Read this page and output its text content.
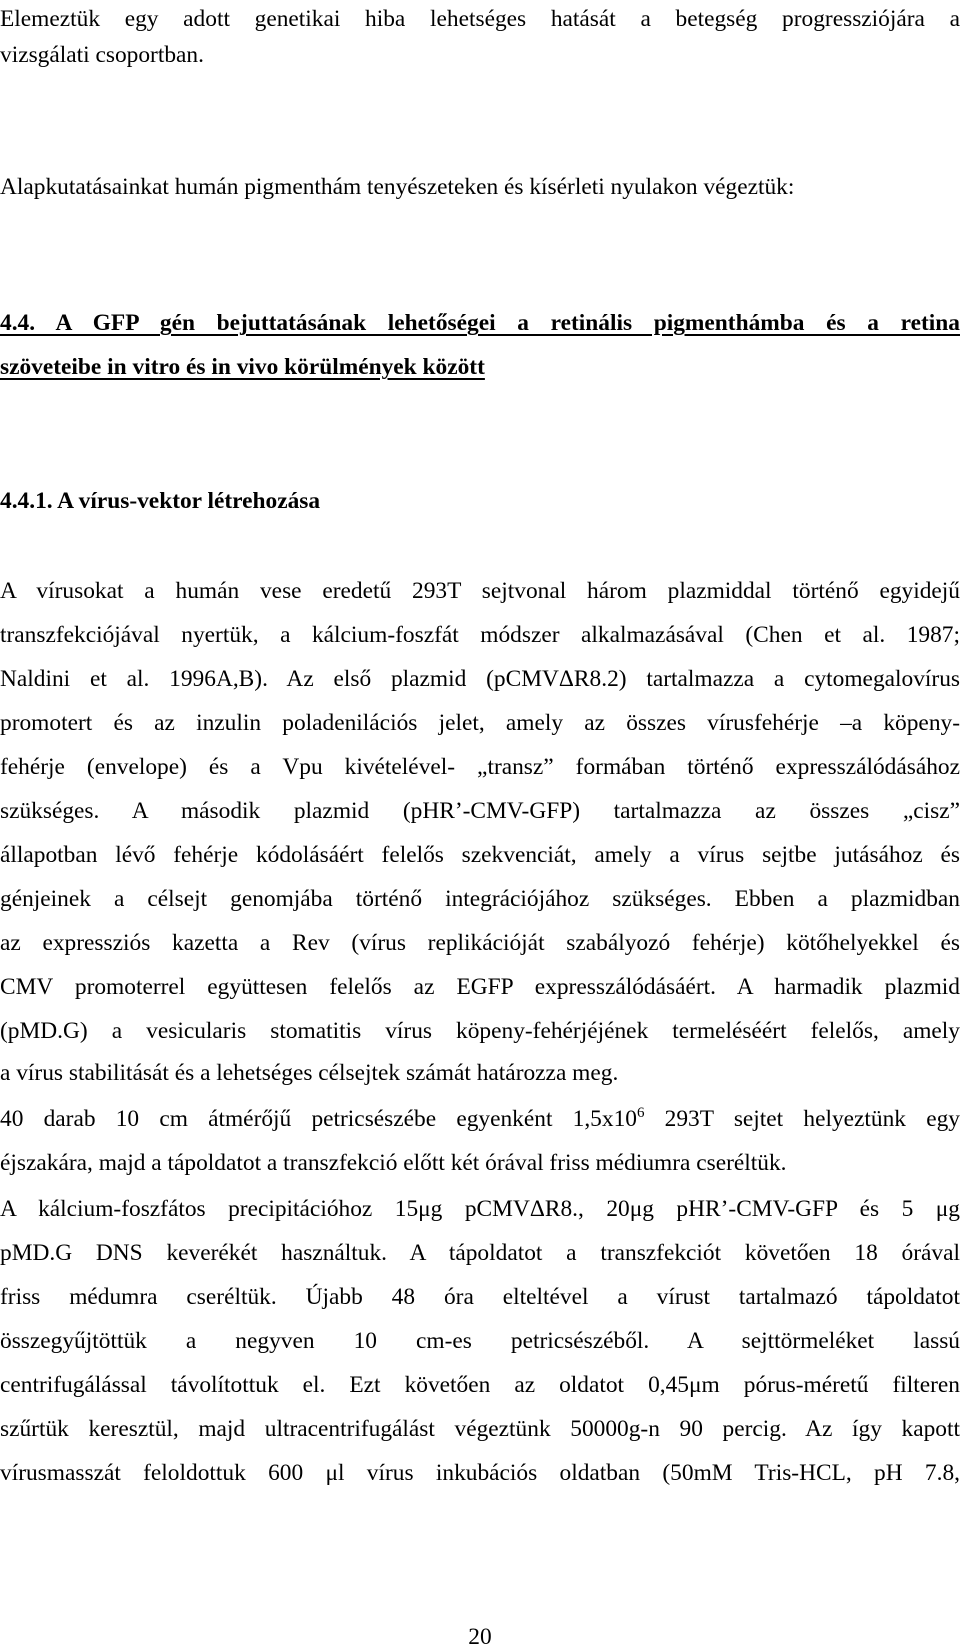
Elemeztük egy adott genetikai hiba lehetséges hatását a betegség progressziójára a
vizsgálati csoportban.
Alapkutatásainkat humán pigmenthám tenyészeteken és kísérleti nyulakon végeztük:
4.4. A GFP gén bejuttatásának lehetőségei a retinális pigmenthámba és a retina
szöveteibe in vitro és in vivo körülmények között
4.4.1. A vírus-vektor létrehozása
A vírusokat a humán vese eredetű 293T sejtvonal három plazmiddal történő egyidejű
transzfekciójával nyertük, a kálcium-foszfát módszer alkalmazásával (Chen et al. 1987;
Naldini et al. 1996A,B). Az első plazmid (pCMVΔR8.2) tartalmazza a cytomegalovírus
promotert és az inzulin poladenilációs jelet, amely az összes vírusfehérje –a köpeny-
fehérje (envelope) és a Vpu kivételével- „transz” formában történő expresszálódásához
szükséges. A második plazmid (pHR’-CMV-GFP) tartalmazza az összes „cisz”
állapotban lévő fehérje kódolásáért felelős szekvenciát, amely a vírus sejtbe jutásához és
génjeinek a célsejt genomjába történő integrációjához szükséges. Ebben a plazmidban
az expressziós kazetta a Rev (vírus replikációját szabályozó fehérje) kötőhelyekkel és
CMV promoterrel együttesen felelős az EGFP expresszálódásáért. A harmadik plazmid
(pMD.G) a vesicularis stomatitis vírus köpeny-fehérjéjének termeléséért felelős, amely
a vírus stabilitását és a lehetséges célsejtek számát határozza meg.
40 darab 10 cm átmérőjű petricsészébe egyenként $1,5x10^6$ 293T sejtet helyeztünk egy
éjszakára, majd a tápoldatot a transzfekció előtt két órával friss médiumra cseréltük.
A kálcium-foszfátos precipitációhoz 15μg pCMVΔR8., 20μg pHR’-CMV-GFP és 5 μg
pMD.G DNS keverékét használtuk. A tápoldatot a transzfekciót követően 18 órával
friss médumra cseréltük. Újabb 48 óra elteltével a vírust tartalmazó tápoldatot
összegyűjtöttük a negyven 10 cm-es petricsészéből. A sejttörmeléket lassú
centrifugálással távolítottuk el. Ezt követően az oldatot 0,45μm pórus-méretű filteren
szűrtük keresztül, majd ultracentrifugálást végeztünk 50000g-n 90 percig. Az így kapott
vírusmasszát feloldottuk 600 μl vírus inkubációs oldatban (50mM Tris-HCL, pH 7.8,
20
